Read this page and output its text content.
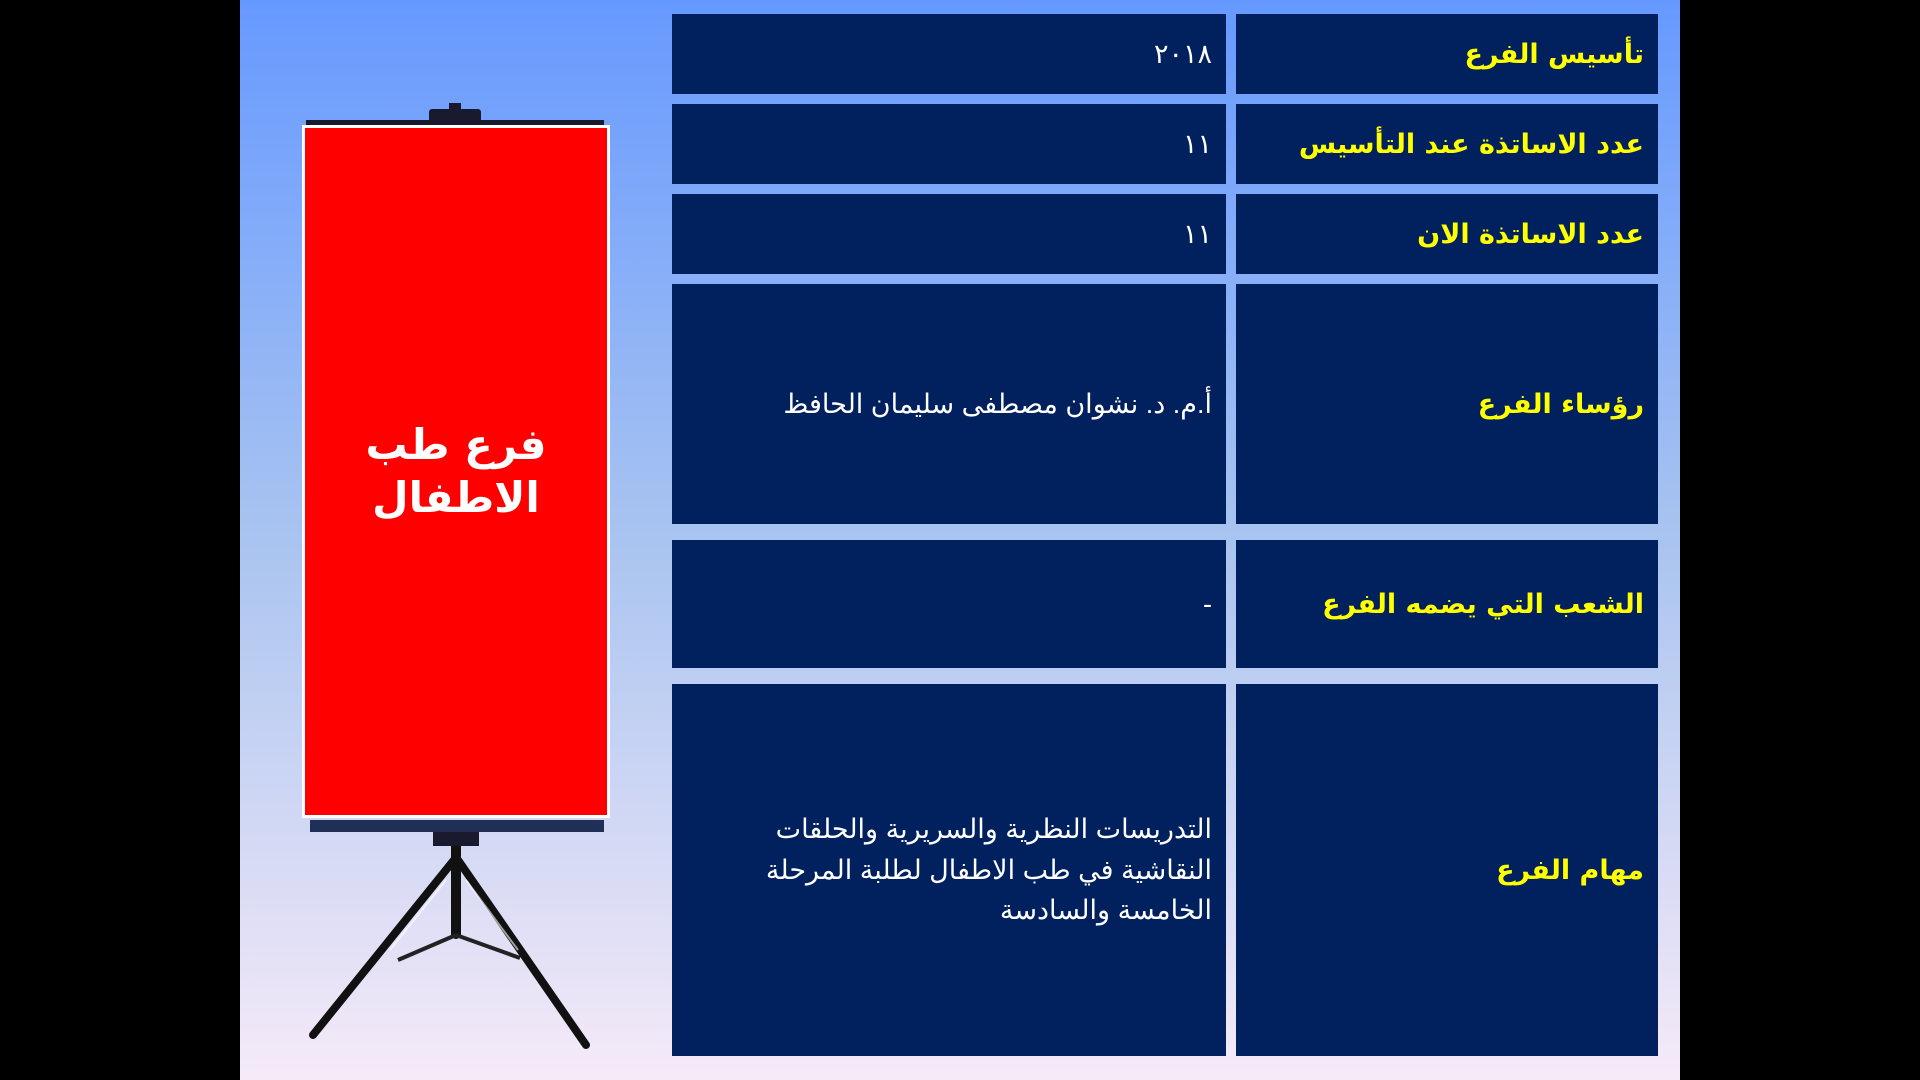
فرع طب
الاطفال
تأسيس الفرع
٢٠١٨
عدد الاساتذة عند التأسيس
١١
عدد الاساتذة الان
١١
رؤساء الفرع
أ.م. د. نشوان مصطفى سليمان الحافظ
الشعب التي يضمه الفرع
-
مهام الفرع
التدريسات النظرية والسريرية والحلقات
النقاشية في طب الاطفال لطلبة المرحلة
الخامسة والسادسة
